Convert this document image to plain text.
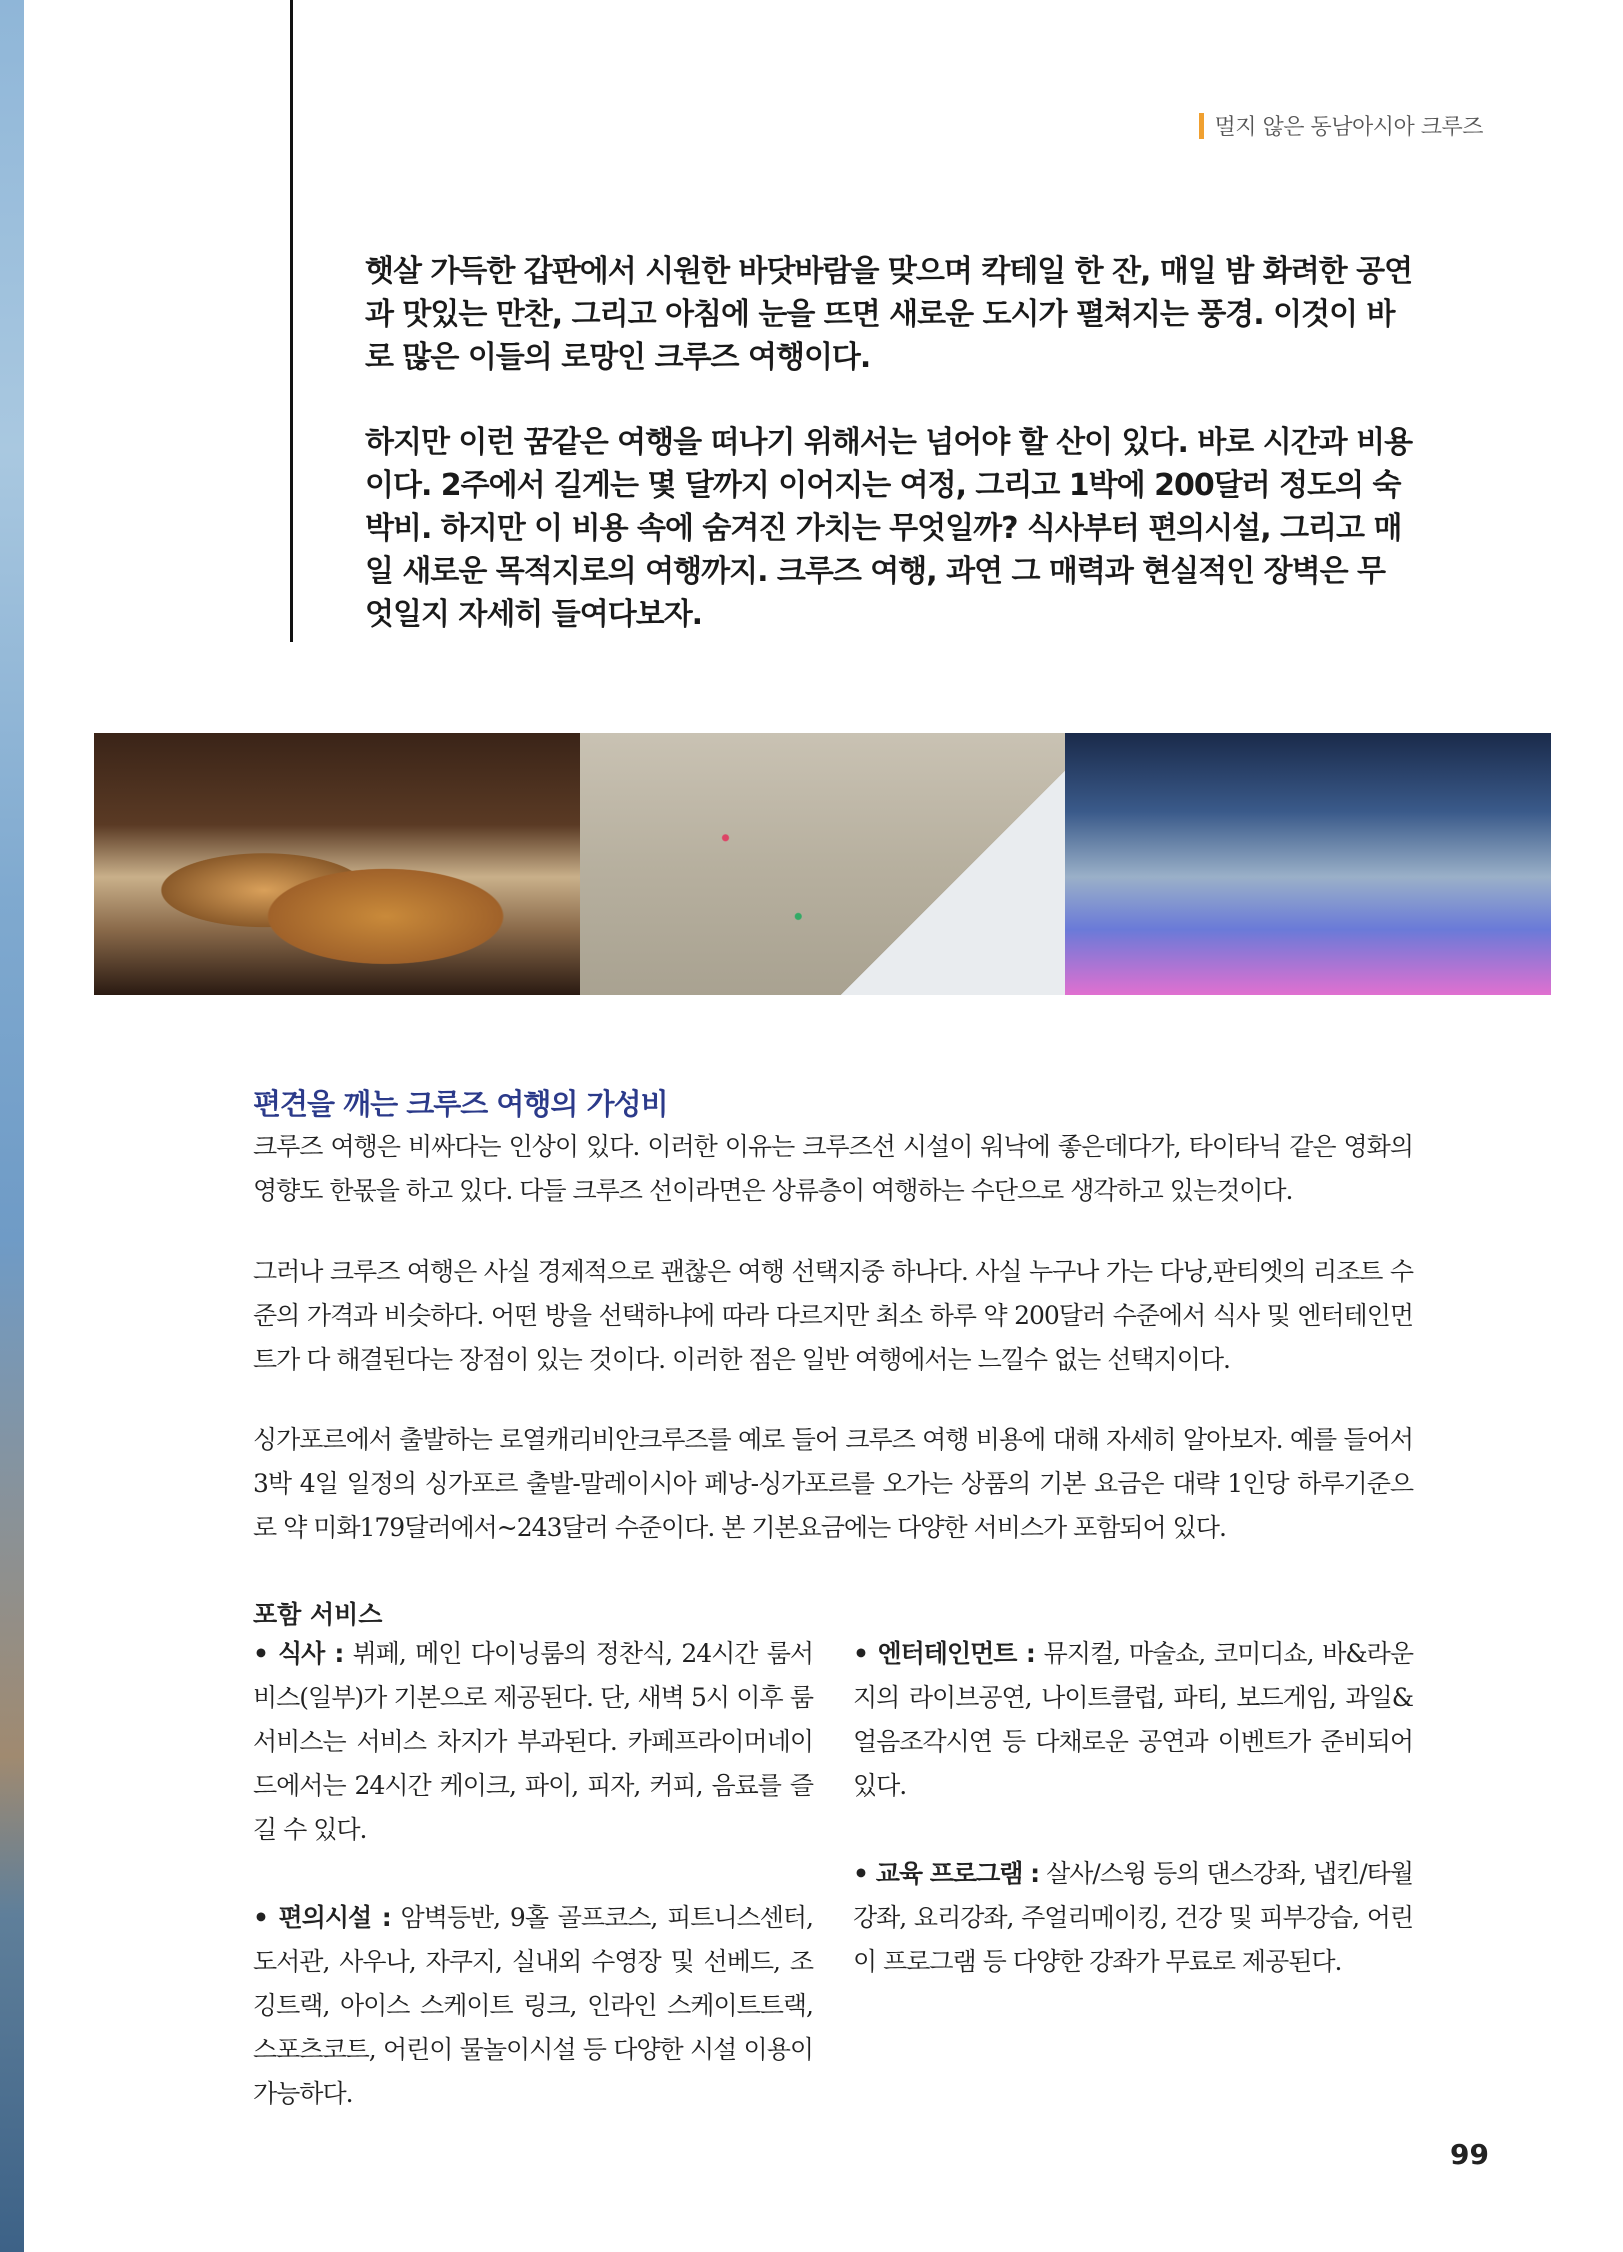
멀지 않은 동남아시아 크루즈

햇살 가득한 갑판에서 시원한 바닷바람을 맞으며 칵테일 한 잔, 매일 밤 화려한 공연과 맛있는 만찬, 그리고 아침에 눈을 뜨면 새로운 도시가 펼쳐지는 풍경. 이것이 바로 많은 이들의 로망인 크루즈 여행이다.

하지만 이런 꿈같은 여행을 떠나기 위해서는 넘어야 할 산이 있다. 바로 시간과 비용이다. 2주에서 길게는 몇 달까지 이어지는 여정, 그리고 1박에 200달러 정도의 숙박비. 하지만 이 비용 속에 숨겨진 가치는 무엇일까? 식사부터 편의시설, 그리고 매일 새로운 목적지로의 여행까지. 크루즈 여행, 과연 그 매력과 현실적인 장벽은 무엇일지 자세히 들여다보자.

편견을 깨는 크루즈 여행의 가성비
크루즈 여행은 비싸다는 인상이 있다. 이러한 이유는 크루즈선 시설이 워낙에 좋은데다가, 타이타닉 같은 영화의 영향도 한몫을 하고 있다. 다들 크루즈 선이라면은 상류층이 여행하는 수단으로 생각하고 있는것이다.
그러나 크루즈 여행은 사실 경제적으로 괜찮은 여행 선택지중 하나다. 사실 누구나 가는 다낭,판티엣의 리조트 수준의 가격과 비슷하다. 어떤 방을 선택하냐에 따라 다르지만 최소 하루 약 200달러 수준에서 식사 및 엔터테인먼트가 다 해결된다는 장점이 있는 것이다. 이러한 점은 일반 여행에서는 느낄수 없는 선택지이다.
싱가포르에서 출발하는 로열캐리비안크루즈를 예로 들어 크루즈 여행 비용에 대해 자세히 알아보자. 예를 들어서 3박 4일 일정의 싱가포르 출발-말레이시아 페낭-싱가포르를 오가는 상품의 기본 요금은 대략 1인당 하루기준으로 약 미화179달러에서~243달러 수준이다. 본 기본요금에는 다양한 서비스가 포함되어 있다.
포함 서비스
• 식사 : 뷔페, 메인 다이닝룸의 정찬식, 24시간 룸서비스(일부)가 기본으로 제공된다. 단, 새벽 5시 이후 룸서비스는 서비스 차지가 부과된다. 카페프라이머네이드에서는 24시간 케이크, 파이, 피자, 커피, 음료를 즐길 수 있다.
• 편의시설 : 암벽등반, 9홀 골프코스, 피트니스센터, 도서관, 사우나, 자쿠지, 실내외 수영장 및 선베드, 조깅트랙, 아이스 스케이트 링크, 인라인 스케이트트랙, 스포츠코트, 어린이 물놀이시설 등 다양한 시설 이용이 가능하다.
• 엔터테인먼트 : 뮤지컬, 마술쇼, 코미디쇼, 바&라운지의 라이브공연, 나이트클럽, 파티, 보드게임, 과일&얼음조각시연 등 다채로운 공연과 이벤트가 준비되어 있다.
• 교육 프로그램 : 살사/스윙 등의 댄스강좌, 냅킨/타월 강좌, 요리강좌, 주얼리메이킹, 건강 및 피부강습, 어린이 프로그램 등 다양한 강좌가 무료로 제공된다.
99
